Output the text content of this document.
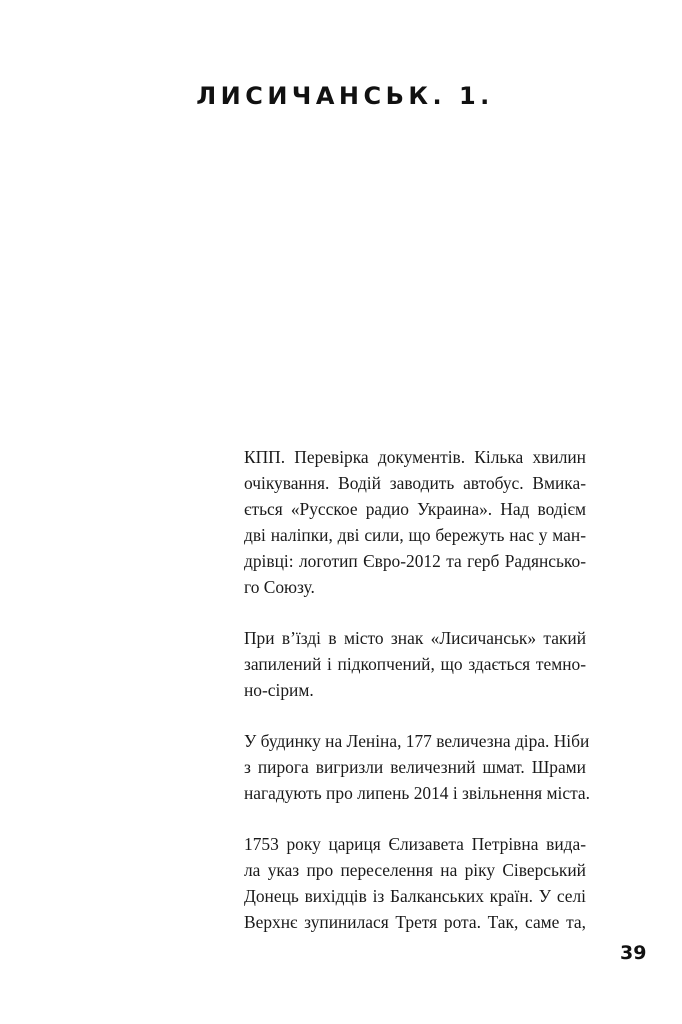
ЛИСИЧАНСЬК. 1.

КПП. Перевірка документів. Кілька хвилин
очікування. Водій заводить автобус. Вмика-
ється «Русское радио Украина». Над водієм
дві наліпки, дві сили, що бережуть нас у ман-
дрівці: логотип Євро-2012 та герб Радянсько-
го Союзу.

При в’їзді в місто знак «Лисичанськ» такий
запилений і підкопчений, що здається темно-
но-сірим.

У будинку на Леніна, 177 величезна діра. Ніби
з пирога вигризли величезний шмат. Шрами
нагадують про липень 2014 і звільнення міста.

1753 року цариця Єлизавета Петрівна вида-
ла указ про переселення на ріку Сіверський
Донець вихідців із Балканських країн. У селі
Верхнє зупинилася Третя рота. Так, саме та,

39
